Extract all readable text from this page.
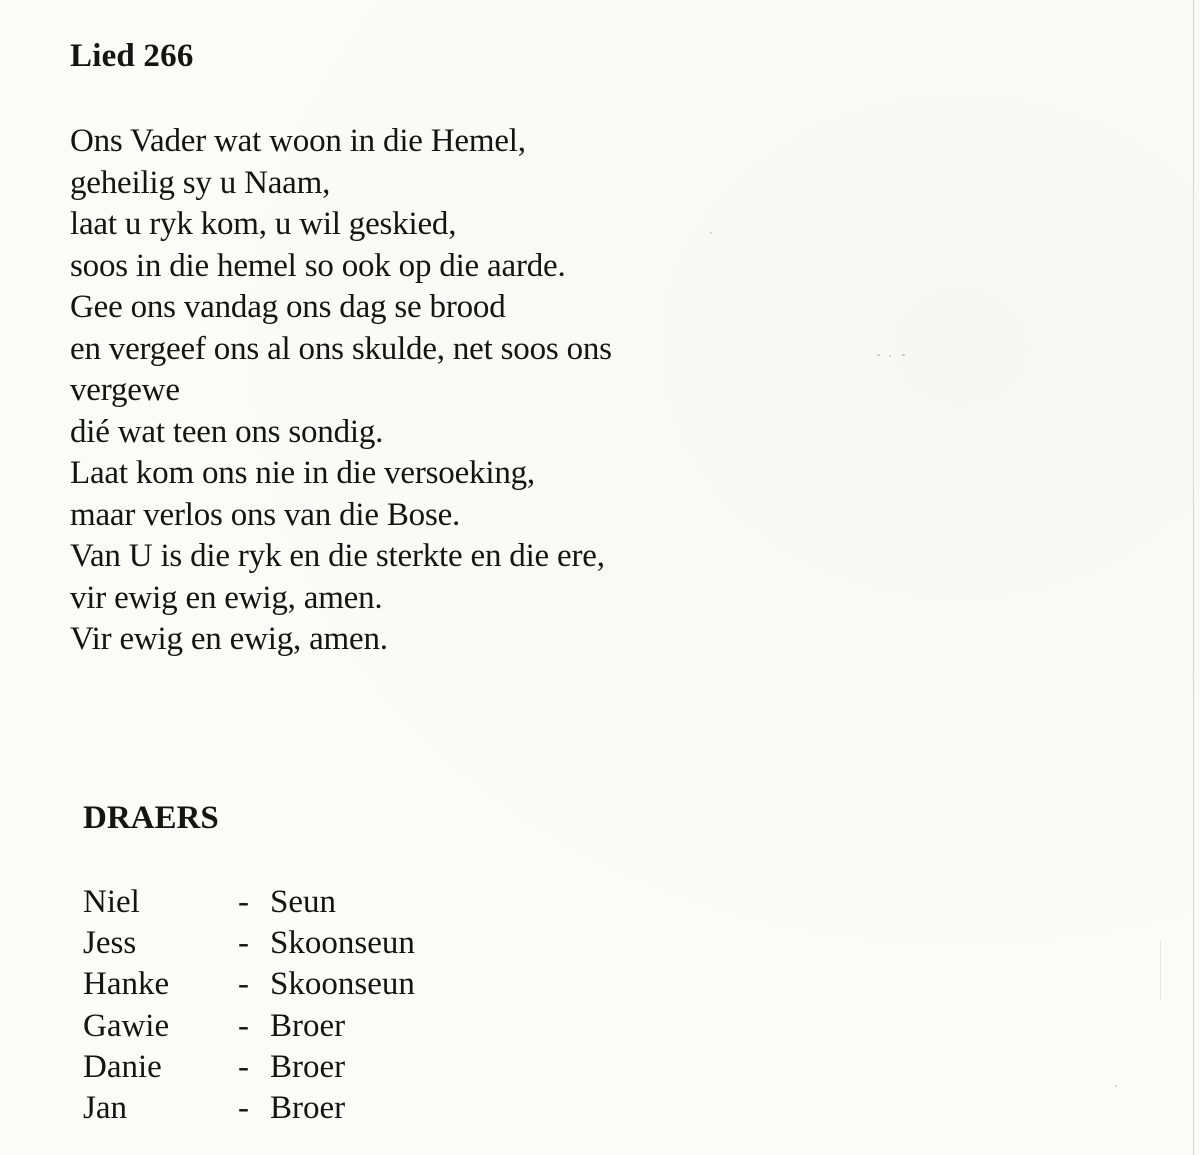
Lied 266
Ons Vader wat woon in die Hemel,
geheilig sy u Naam,
laat u ryk kom, u wil geskied,
soos in die hemel so ook op die aarde.
Gee ons vandag ons dag se brood
en vergeef ons al ons skulde, net soos ons
vergewe
dié wat teen ons sondig.
Laat kom ons nie in die versoeking,
maar verlos ons van die Bose.
Van U is die ryk en die sterkte en die ere,
vir ewig en ewig, amen.
Vir ewig en ewig, amen.
DRAERS
Niel	- Seun
Jess	- Skoonseun
Hanke - Skoonseun
Gawie - Broer
Danie - Broer
Jan	- Broer
